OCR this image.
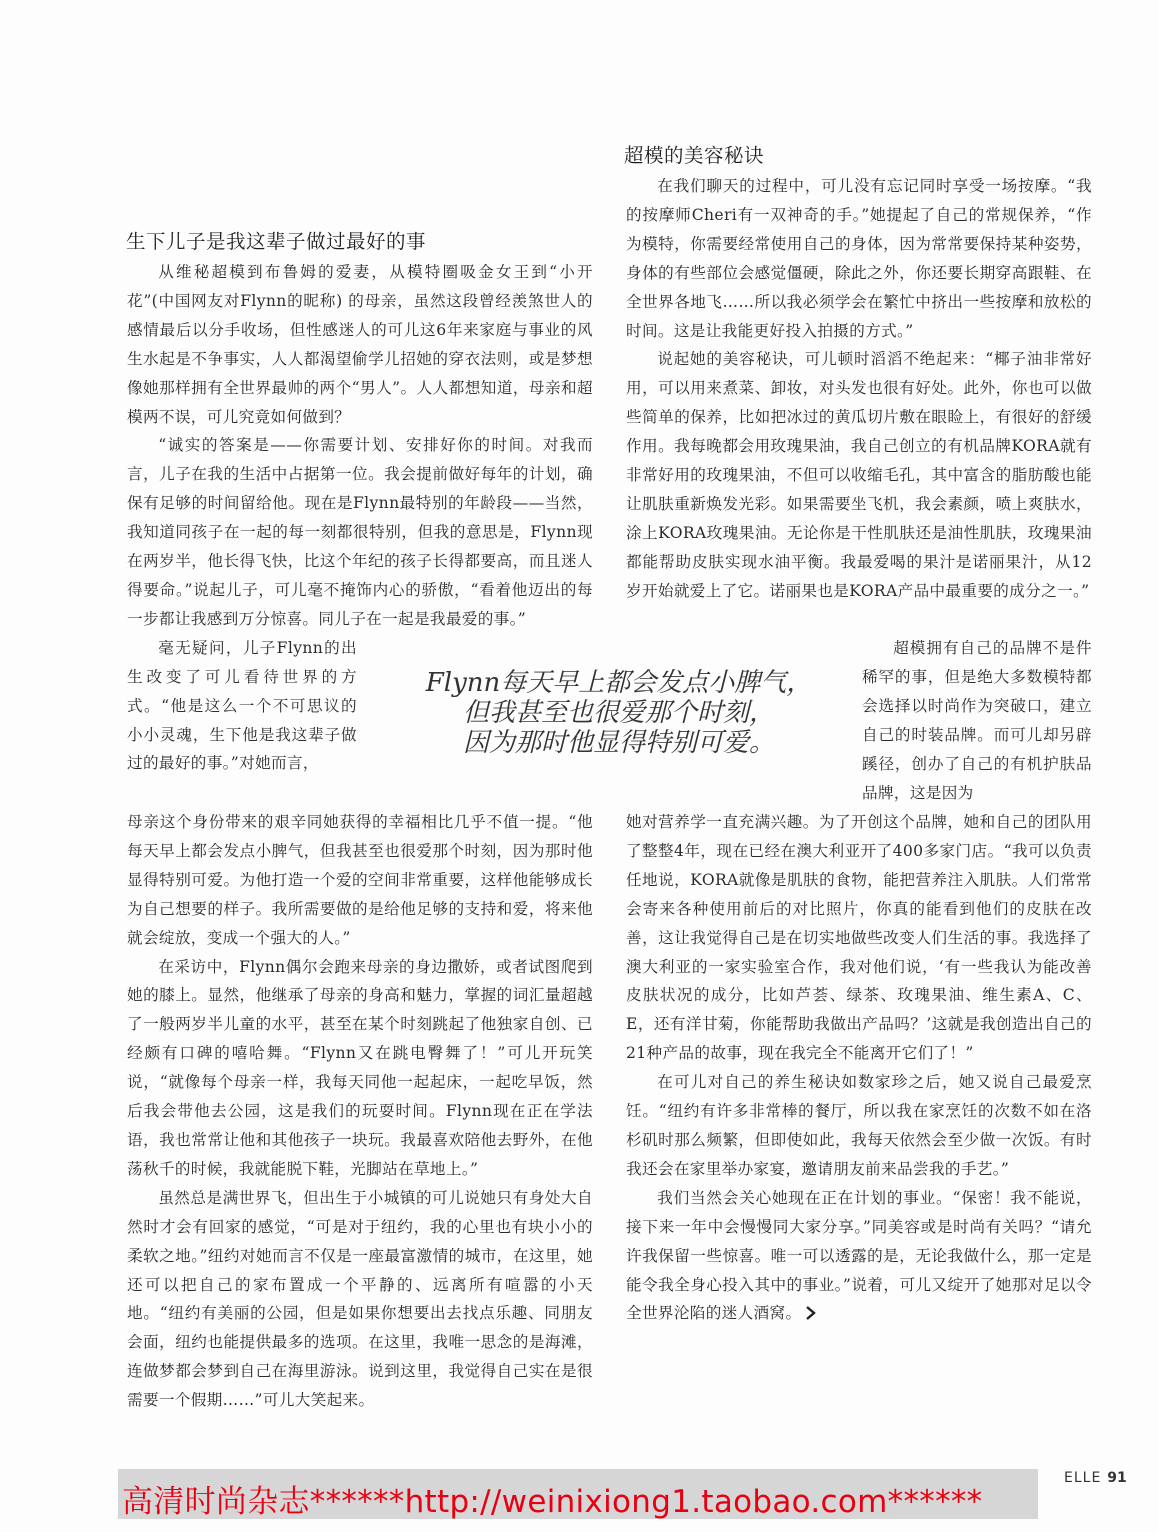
生下儿子是我这辈子做过最好的事

从维秘超模到布鲁姆的爱妻，从模特圈吸金女王到“小开花”(中国网友对Flynn的昵称) 的母亲，虽然这段曾经羡煞世人的感情最后以分手收场，但性感迷人的可儿这6年来家庭与事业的风生水起是不争事实，人人都渴望偷学儿招她的穿衣法则，或是梦想像她那样拥有全世界最帅的两个“男人”。人人都想知道，母亲和超模两不误，可儿究竟如何做到？

“诚实的答案是——你需要计划、安排好你的时间。对我而言，儿子在我的生活中占据第一位。我会提前做好每年的计划，确保有足够的时间留给他。现在是Flynn最特别的年龄段——当然，我知道同孩子在一起的每一刻都很特别，但我的意思是，Flynn现在两岁半，他长得飞快，比这个年纪的孩子长得都要高，而且迷人得要命。”说起儿子，可儿毫不掩饰内心的骄傲，“看着他迈出的每一步都让我感到万分惊喜。同儿子在一起是我最爱的事。”

毫无疑问，儿子Flynn的出生改变了可儿看待世界的方式。“他是这么一个不可思议的小小灵魂，生下他是我这辈子做过的最好的事。”对她而言，

母亲这个身份带来的艰辛同她获得的幸福相比几乎不值一提。“他每天早上都会发点小脾气，但我甚至也很爱那个时刻，因为那时他显得特别可爱。为他打造一个爱的空间非常重要，这样他能够成长为自己想要的样子。我所需要做的是给他足够的支持和爱，将来他就会绽放，变成一个强大的人。”

在采访中，Flynn偶尔会跑来母亲的身边撒娇，或者试图爬到她的膝上。显然，他继承了母亲的身高和魅力，掌握的词汇量超越了一般两岁半儿童的水平，甚至在某个时刻跳起了他独家自创、已经颇有口碑的嘻哈舞。“Flynn又在跳电臀舞了！”可儿开玩笑说，“就像每个母亲一样，我每天同他一起起床，一起吃早饭，然后我会带他去公园，这是我们的玩耍时间。Flynn现在正在学法语，我也常常让他和其他孩子一块玩。我最喜欢陪他去野外，在他荡秋千的时候，我就能脱下鞋，光脚站在草地上。”

虽然总是满世界飞，但出生于小城镇的可儿说她只有身处大自然时才会有回家的感觉，“可是对于纽约，我的心里也有块小小的柔软之地。”纽约对她而言不仅是一座最富激情的城市，在这里，她还可以把自己的家布置成一个平静的、远离所有喧嚣的小天地。“纽约有美丽的公园，但是如果你想要出去找点乐趣、同朋友会面，纽约也能提供最多的选项。在这里，我唯一思念的是海滩，连做梦都会梦到自己在海里游泳。说到这里，我觉得自己实在是很需要一个假期……”可儿大笑起来。

超模的美容秘诀

在我们聊天的过程中，可儿没有忘记同时享受一场按摩。“我的按摩师Cheri有一双神奇的手。”她提起了自己的常规保养，“作为模特，你需要经常使用自己的身体，因为常常要保持某种姿势，身体的有些部位会感觉僵硬，除此之外，你还要长期穿高跟鞋、在全世界各地飞……所以我必须学会在繁忙中挤出一些按摩和放松的时间。这是让我能更好投入拍摄的方式。”

说起她的美容秘诀，可儿顿时滔滔不绝起来：“椰子油非常好用，可以用来煮菜、卸妆，对头发也很有好处。此外，你也可以做些简单的保养，比如把冰过的黄瓜切片敷在眼睑上，有很好的舒缓作用。我每晚都会用玫瑰果油，我自己创立的有机品牌KORA就有非常好用的玫瑰果油，不但可以收缩毛孔，其中富含的脂肪酸也能让肌肤重新焕发光彩。如果需要坐飞机，我会素颜，喷上爽肤水，涂上KORA玫瑰果油。无论你是干性肌肤还是油性肌肤，玫瑰果油都能帮助皮肤实现水油平衡。我最爱喝的果汁是诺丽果汁，从12岁开始就爱上了它。诺丽果也是KORA产品中最重要的成分之一。”

超模拥有自己的品牌不是件稀罕的事，但是绝大多数模特都会选择以时尚作为突破口，建立自己的时装品牌。而可儿却另辟蹊径，创办了自己的有机护肤品品牌，这是因为

她对营养学一直充满兴趣。为了开创这个品牌，她和自己的团队用了整整4年，现在已经在澳大利亚开了400多家门店。“我可以负责任地说，KORA就像是肌肤的食物，能把营养注入肌肤。人们常常会寄来各种使用前后的对比照片，你真的能看到他们的皮肤在改善，这让我觉得自己是在切实地做些改变人们生活的事。我选择了澳大利亚的一家实验室合作，我对他们说，‘有一些我认为能改善皮肤状况的成分，比如芦荟、绿茶、玫瑰果油、维生素A、C、E，还有洋甘菊，你能帮助我做出产品吗？’这就是我创造出自己的21种产品的故事，现在我完全不能离开它们了！”

在可儿对自己的养生秘诀如数家珍之后，她又说自己最爱烹饪。“纽约有许多非常棒的餐厅，所以我在家烹饪的次数不如在洛杉矶时那么频繁，但即使如此，我每天依然会至少做一次饭。有时我还会在家里举办家宴，邀请朋友前来品尝我的手艺。”

我们当然会关心她现在正在计划的事业。“保密！我不能说，接下来一年中会慢慢同大家分享。”同美容或是时尚有关吗？“请允许我保留一些惊喜。唯一可以透露的是，无论我做什么，那一定是能令我全身心投入其中的事业。”说着，可儿又绽开了她那对足以令全世界沦陷的迷人酒窝。

Flynn每天早上都会发点小脾气，
但我甚至也很爱那个时刻，
因为那时他显得特别可爱。
高清时尚杂志******http://weinixiong1.taobao.com******
ELLE 91
